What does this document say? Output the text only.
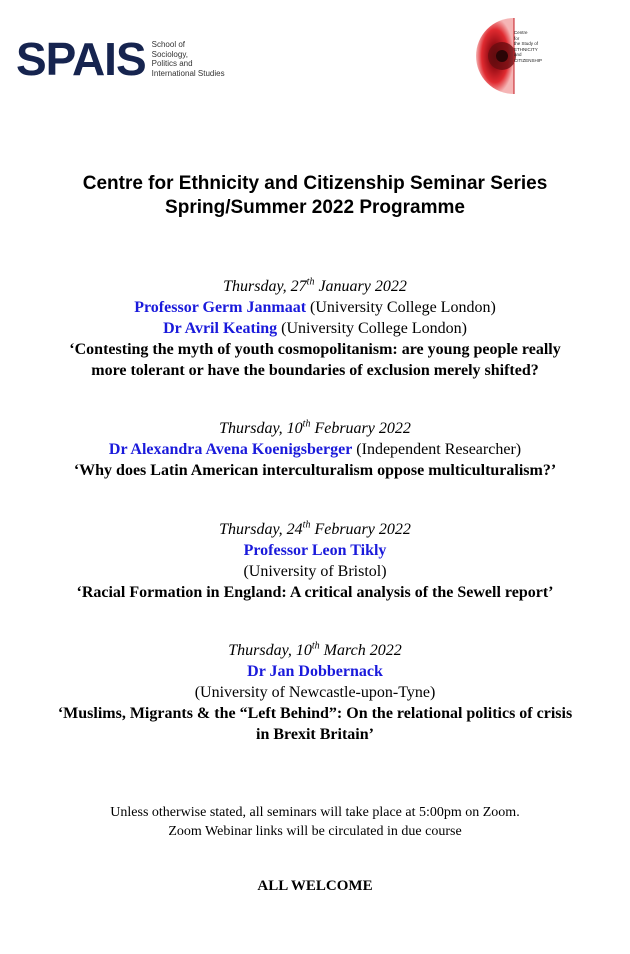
SPAIS School of
Sociology,
Politics and
International Studies
Centre
for
the Study of
ETHNICITY
and
CITIZENSHIP
Centre for Ethnicity and Citizenship Seminar Series
Spring/Summer 2022 Programme
Thursday, 27th January 2022
Professor Germ Janmaat (University College London)
Dr Avril Keating (University College London)
‘Contesting the myth of youth cosmopolitanism: are young people really
more tolerant or have the boundaries of exclusion merely shifted?
Thursday, 10th February 2022
Dr Alexandra Avena Koenigsberger (Independent Researcher)
‘Why does Latin American interculturalism oppose multiculturalism?’
Thursday, 24th February 2022
Professor Leon Tikly
(University of Bristol)
‘Racial Formation in England: A critical analysis of the Sewell report’
Thursday, 10th March 2022
Dr Jan Dobbernack
(University of Newcastle-upon-Tyne)
‘Muslims, Migrants & the “Left Behind”: On the relational politics of crisis
in Brexit Britain’
Unless otherwise stated, all seminars will take place at 5:00pm on Zoom.
Zoom Webinar links will be circulated in due course
ALL WELCOME
